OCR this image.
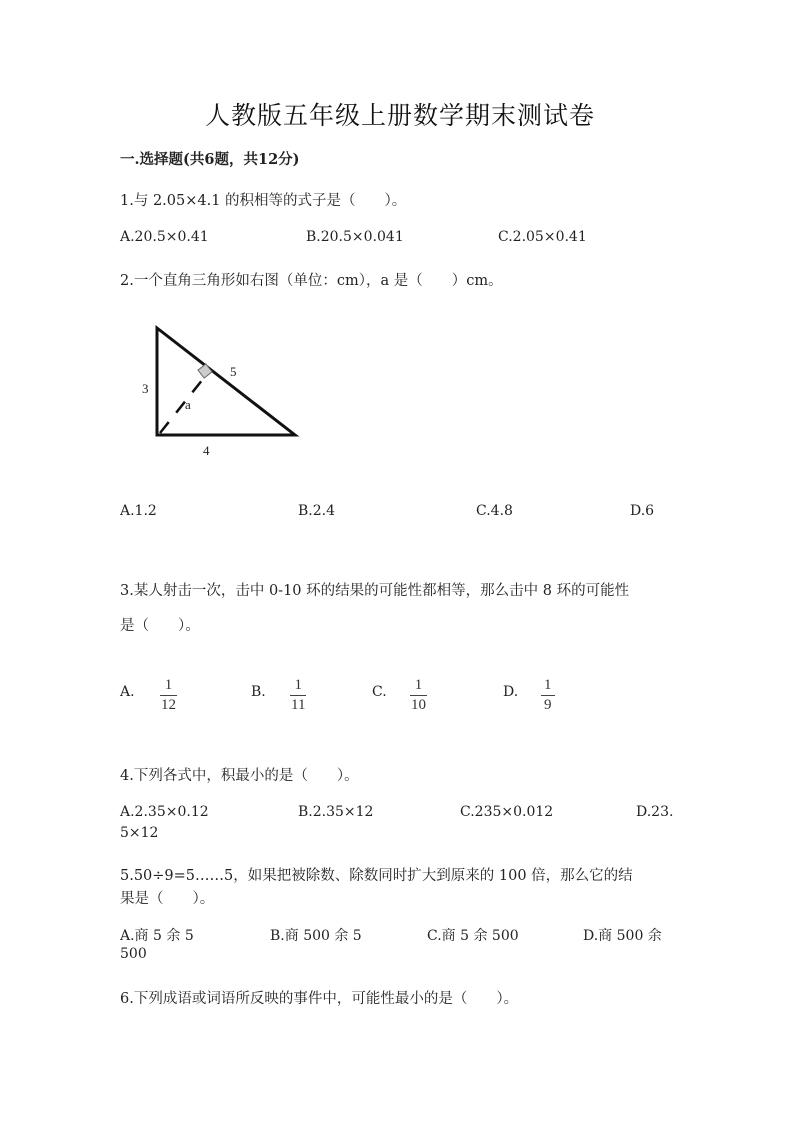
人教版五年级上册数学期末测试卷
一.选择题(共6题，共12分)
1.与 2.05×4.1 的积相等的式子是（　　）。
A.20.5×0.41	B.20.5×0.041	C.2.05×0.41
2.一个直角三角形如右图（单位：cm），a 是（　　）cm。
3
4
5
a
A.1.2	B.2.4	C.4.8	D.6
3.某人射击一次，击中 0-10 环的结果的可能性都相等，那么击中 8 环的可能性
是（　　）。
A.	1
12
B. 1
11
C.	1
10
D. 1
9
4.下列各式中，积最小的是（　　）。
A.2.35×0.12	B.2.35×12	C.235×0.012	D.23.
5×12
5.50÷9=5……5，如果把被除数、除数同时扩大到原来的 100 倍，那么它的结
果是（　　）。
A.商 5 余 5	B.商 500 余 5	C.商 5 余 500	D.商 500 余
500
6.下列成语或词语所反映的事件中，可能性最小的是（　　）。
